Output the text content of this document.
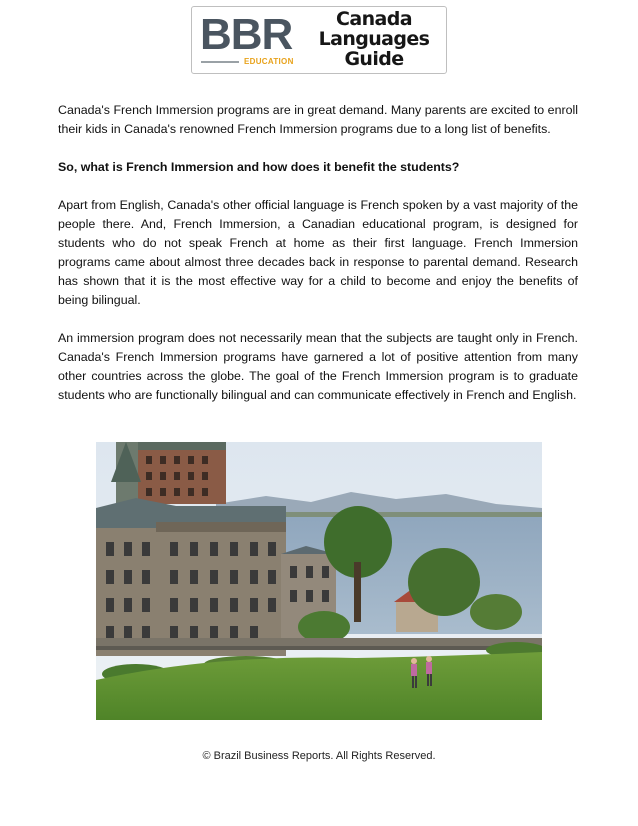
BBR
EDUCATION
Canada
Languages
Guide

Canada's French Immersion programs are in great demand. Many parents are excited to enroll their kids in Canada's renowned French Immersion programs due to a long list of benefits.

So, what is French Immersion and how does it benefit the students?

Apart from English, Canada's other official language is French spoken by a vast majority of the people there. And, French Immersion, a Canadian educational program, is designed for students who do not speak French at home as their first language. French Immersion programs came about almost three decades back in response to parental demand. Research has shown that it is the most effective way for a child to become and enjoy the benefits of being bilingual.

An immersion program does not necessarily mean that the subjects are taught only in French. Canada's French Immersion programs have garnered a lot of positive attention from many other countries across the globe. The goal of the French Immersion program is to graduate students who are functionally bilingual and can communicate effectively in French and English.

© Brazil Business Reports. All Rights Reserved.
